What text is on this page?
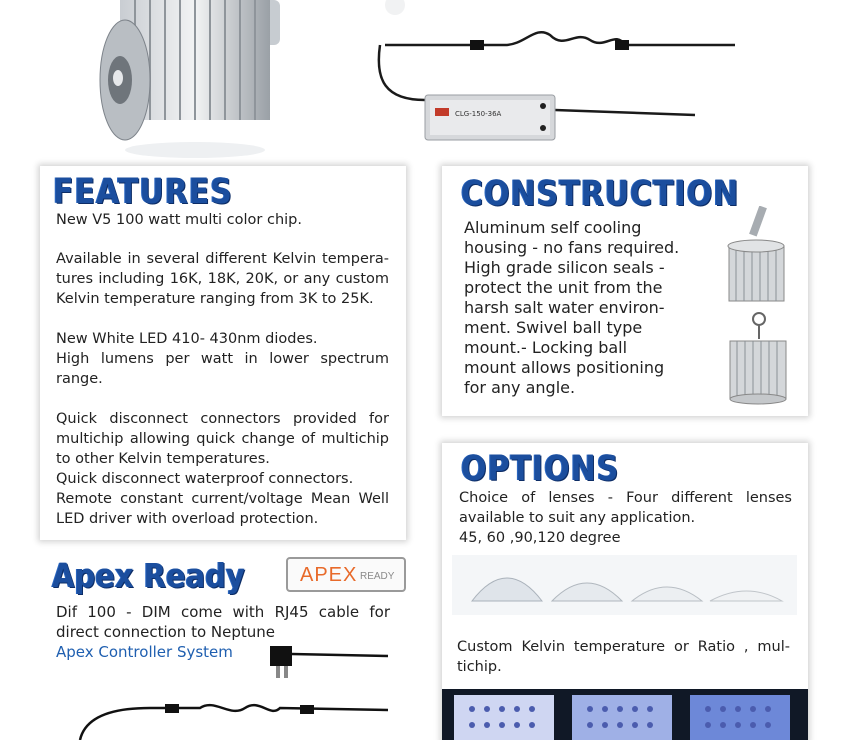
CLG-150-36A
FEATURES
New V5 100 watt multi color chip.
Available in several different Kelvin tempera-tures including 16K, 18K, 20K, or any custom Kelvin temperature ranging from 3K to 25K.
New White LED 410- 430nm diodes.
High lumens per watt in lower spectrum range.
Quick disconnect connectors provided for multichip allowing quick change of multichip to other Kelvin temperatures.
Quick disconnect waterproof connectors.
Remote constant current/voltage Mean Well LED driver with overload protection.
CONSTRUCTION
Aluminum self cooling housing - no fans required. High grade silicon seals - protect the unit from the harsh salt water environ-ment. Swivel ball type mount.- Locking ball mount allows positioning for any angle.
OPTIONS
Choice of lenses - Four different lenses available to suit any application.
45, 60 ,90,120 degree
Custom Kelvin temperature or Ratio , mul-tichip.
Apex Ready	APEX READY
Dif 100 - DIM come with RJ45 cable for direct connection to Neptune
Apex Controller System
